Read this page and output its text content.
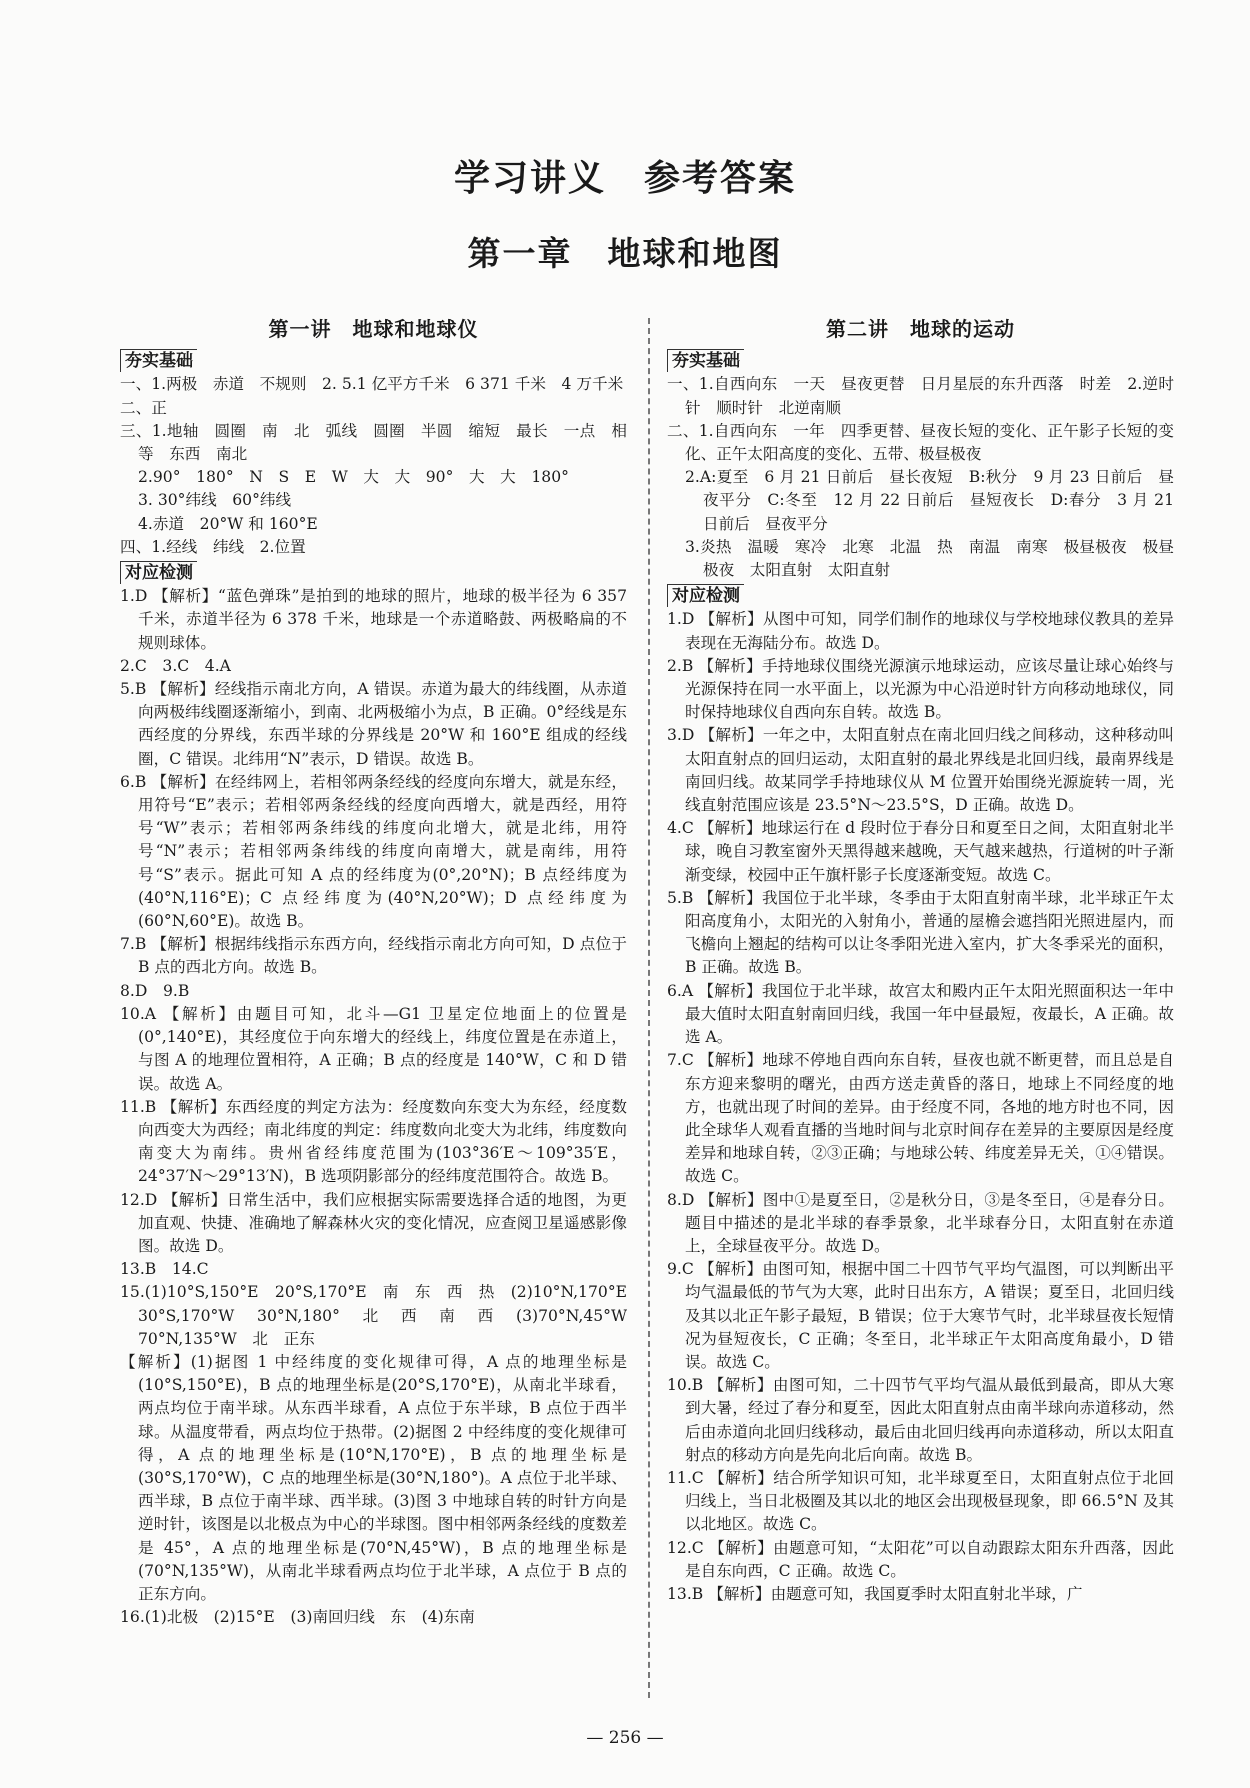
学习讲义　参考答案
第一章　地球和地图
第一讲　地球和地球仪
夯实基础

一、1.两极　赤道　不规则　2. 5.1 亿平方千米　6 371 千米　4 万千米

二、正

三、1.地轴　圆圈　南　北　弧线　圆圈　半圆　缩短　最长　一点　相等　东西　南北

2.90°　180°　N　S　E　W　大　大　90°　大　大　180°

3. 30°纬线　60°纬线

4.赤道　20°W 和 160°E

四、1.经线　纬线　2.位置

对应检测

1.D 【解析】“蓝色弹珠”是拍到的地球的照片，地球的极半径为 6 357 千米，赤道半径为 6 378 千米，地球是一个赤道略鼓、两极略扁的不规则球体。

2.C　3.C　4.A

5.B 【解析】经线指示南北方向，A 错误。赤道为最大的纬线圈，从赤道向两极纬线圈逐渐缩小，到南、北两极缩小为点，B 正确。0°经线是东西经度的分界线，东西半球的分界线是 20°W 和 160°E 组成的经线圈，C 错误。北纬用“N”表示，D 错误。故选 B。

6.B 【解析】在经纬网上，若相邻两条经线的经度向东增大，就是东经，用符号“E”表示；若相邻两条经线的经度向西增大，就是西经，用符号“W”表示；若相邻两条纬线的纬度向北增大，就是北纬，用符号“N”表示；若相邻两条纬线的纬度向南增大，就是南纬，用符号“S”表示。据此可知 A 点的经纬度为(0°,20°N)；B 点经纬度为(40°N,116°E)；C 点经纬度为(40°N,20°W)；D 点经纬度为(60°N,60°E)。故选 B。

7.B 【解析】根据纬线指示东西方向，经线指示南北方向可知，D 点位于 B 点的西北方向。故选 B。

8.D　9.B

10.A 【解析】由题目可知，北斗—G1 卫星定位地面上的位置是(0°,140°E)，其经度位于向东增大的经线上，纬度位置是在赤道上，与图 A 的地理位置相符，A 正确；B 点的经度是 140°W，C 和 D 错误。故选 A。

11.B 【解析】东西经度的判定方法为：经度数向东变大为东经，经度数向西变大为西经；南北纬度的判定：纬度数向北变大为北纬，纬度数向南变大为南纬。贵州省经纬度范围为(103°36′E～109°35′E，24°37′N～29°13′N)，B 选项阴影部分的经纬度范围符合。故选 B。

12.D 【解析】日常生活中，我们应根据实际需要选择合适的地图，为更加直观、快捷、准确地了解森林火灾的变化情况，应查阅卫星遥感影像图。故选 D。

13.B　14.C

15.(1)10°S,150°E　20°S,170°E　南　东　西　热　(2)10°N,170°E　30°S,170°W　30°N,180°　北　西　南　西　(3)70°N,45°W　70°N,135°W　北　正东

【解析】(1)据图 1 中经纬度的变化规律可得，A 点的地理坐标是(10°S,150°E)，B 点的地理坐标是(20°S,170°E)，从南北半球看，两点均位于南半球。从东西半球看，A 点位于东半球，B 点位于西半球。从温度带看，两点均位于热带。(2)据图 2 中经纬度的变化规律可得，A 点的地理坐标是(10°N,170°E)，B 点的地理坐标是(30°S,170°W)，C 点的地理坐标是(30°N,180°)。A 点位于北半球、西半球，B 点位于南半球、西半球。(3)图 3 中地球自转的时针方向是逆时针，该图是以北极点为中心的半球图。图中相邻两条经线的度数差是 45°，A 点的地理坐标是(70°N,45°W)，B 点的地理坐标是(70°N,135°W)，从南北半球看两点均位于北半球，A 点位于 B 点的正东方向。

16.(1)北极　(2)15°E　(3)南回归线　东　(4)东南

第二讲　地球的运动
夯实基础

一、1.自西向东　一天　昼夜更替　日月星辰的东升西落　时差　2.逆时针　顺时针　北逆南顺

二、1.自西向东　一年　四季更替、昼夜长短的变化、正午影子长短的变化、正午太阳高度的变化、五带、极昼极夜

2.A:夏至　6 月 21 日前后　昼长夜短　B:秋分　9 月 23 日前后　昼夜平分　C:冬至　12 月 22 日前后　昼短夜长　D:春分　3 月 21 日前后　昼夜平分

3.炎热　温暖　寒冷　北寒　北温　热　南温　南寒　极昼极夜　极昼极夜　太阳直射　太阳直射

对应检测

1.D 【解析】从图中可知，同学们制作的地球仪与学校地球仪教具的差异表现在无海陆分布。故选 D。

2.B 【解析】手持地球仪围绕光源演示地球运动，应该尽量让球心始终与光源保持在同一水平面上，以光源为中心沿逆时针方向移动地球仪，同时保持地球仪自西向东自转。故选 B。

3.D 【解析】一年之中，太阳直射点在南北回归线之间移动，这种移动叫太阳直射点的回归运动，太阳直射的最北界线是北回归线，最南界线是南回归线。故某同学手持地球仪从 M 位置开始围绕光源旋转一周，光线直射范围应该是 23.5°N～23.5°S，D 正确。故选 D。

4.C 【解析】地球运行在 d 段时位于春分日和夏至日之间，太阳直射北半球，晚自习教室窗外天黑得越来越晚，天气越来越热，行道树的叶子渐渐变绿，校园中正午旗杆影子长度逐渐变短。故选 C。

5.B 【解析】我国位于北半球，冬季由于太阳直射南半球，北半球正午太阳高度角小，太阳光的入射角小，普通的屋檐会遮挡阳光照进屋内，而飞檐向上翘起的结构可以让冬季阳光进入室内，扩大冬季采光的面积，B 正确。故选 B。

6.A 【解析】我国位于北半球，故宫太和殿内正午太阳光照面积达一年中最大值时太阳直射南回归线，我国一年中昼最短，夜最长，A 正确。故选 A。

7.C 【解析】地球不停地自西向东自转，昼夜也就不断更替，而且总是自东方迎来黎明的曙光，由西方送走黄昏的落日，地球上不同经度的地方，也就出现了时间的差异。由于经度不同，各地的地方时也不同，因此全球华人观看直播的当地时间与北京时间存在差异的主要原因是经度差异和地球自转，②③正确；与地球公转、纬度差异无关，①④错误。故选 C。

8.D 【解析】图中①是夏至日，②是秋分日，③是冬至日，④是春分日。题目中描述的是北半球的春季景象，北半球春分日，太阳直射在赤道上，全球昼夜平分。故选 D。

9.C 【解析】由图可知，根据中国二十四节气平均气温图，可以判断出平均气温最低的节气为大寒，此时日出东方，A 错误；夏至日，北回归线及其以北正午影子最短，B 错误；位于大寒节气时，北半球昼夜长短情况为昼短夜长，C 正确；冬至日，北半球正午太阳高度角最小，D 错误。故选 C。

10.B 【解析】由图可知，二十四节气平均气温从最低到最高，即从大寒到大暑，经过了春分和夏至，因此太阳直射点由南半球向赤道移动，然后由赤道向北回归线移动，最后由北回归线再向赤道移动，所以太阳直射点的移动方向是先向北后向南。故选 B。

11.C 【解析】结合所学知识可知，北半球夏至日，太阳直射点位于北回归线上，当日北极圈及其以北的地区会出现极昼现象，即 66.5°N 及其以北地区。故选 C。

12.C 【解析】由题意可知，“太阳花”可以自动跟踪太阳东升西落，因此是自东向西，C 正确。故选 C。

13.B 【解析】由题意可知，我国夏季时太阳直射北半球，广

— 256 —
